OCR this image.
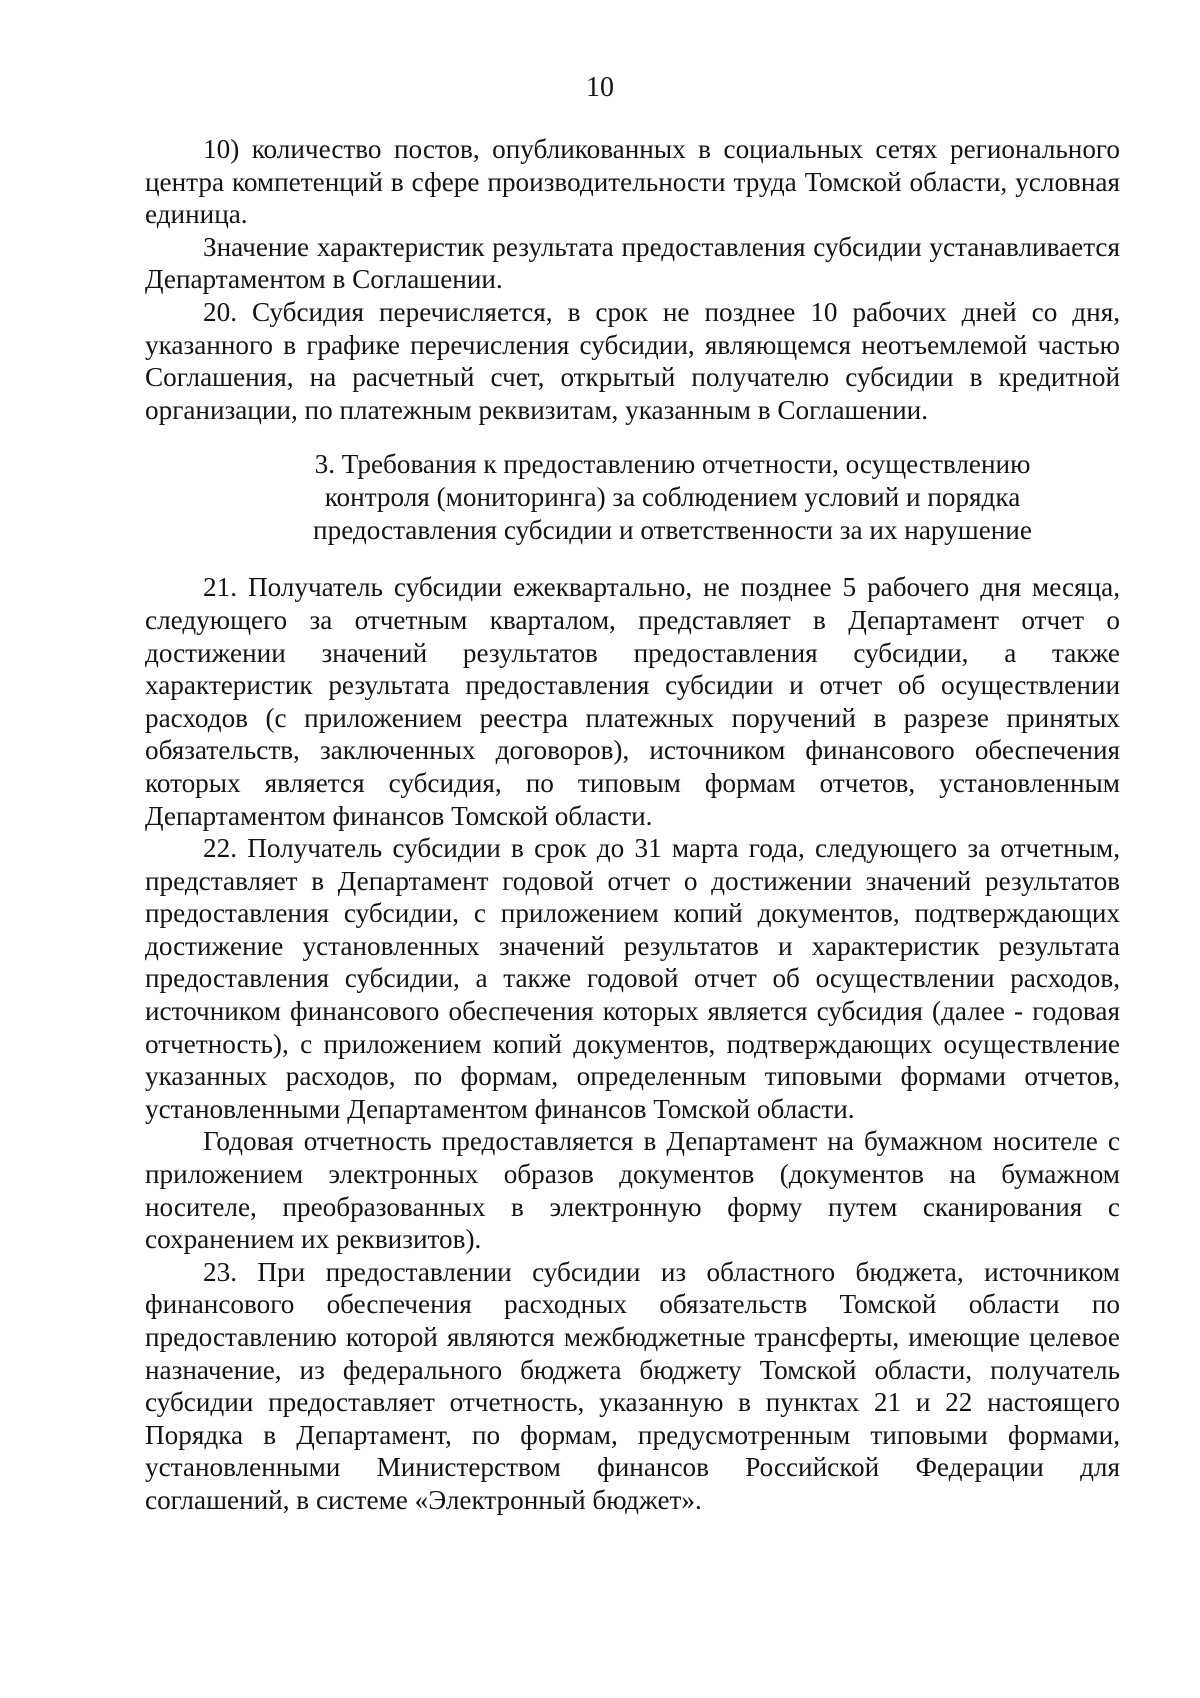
10

10) количество постов, опубликованных в социальных сетях регионального центра компетенций в сфере производительности труда Томской области, условная единица.

Значение характеристик результата предоставления субсидии устанавливается Департаментом в Соглашении.

20. Субсидия перечисляется, в срок не позднее 10 рабочих дней со дня, указанного в графике перечисления субсидии, являющемся неотъемлемой частью Соглашения, на расчетный счет, открытый получателю субсидии в кредитной организации, по платежным реквизитам, указанным в Соглашении.

3. Требования к предоставлению отчетности, осуществлению
контроля (мониторинга) за соблюдением условий и порядка
предоставления субсидии и ответственности за их нарушение

21. Получатель субсидии ежеквартально, не позднее 5 рабочего дня месяца, следующего за отчетным кварталом, представляет в Департамент отчет о достижении значений результатов предоставления субсидии, а также характеристик результата предоставления субсидии и отчет об осуществлении расходов (с приложением реестра платежных поручений в разрезе принятых обязательств, заключенных договоров), источником финансового обеспечения которых является субсидия, по типовым формам отчетов, установленным Департаментом финансов Томской области.

22. Получатель субсидии в срок до 31 марта года, следующего за отчетным, представляет в Департамент годовой отчет о достижении значений результатов предоставления субсидии, с приложением копий документов, подтверждающих достижение установленных значений результатов и характеристик результата предоставления субсидии, а также годовой отчет об осуществлении расходов, источником финансового обеспечения которых является субсидия (далее - годовая отчетность), с приложением копий документов, подтверждающих осуществление указанных расходов, по формам, определенным типовыми формами отчетов, установленными Департаментом финансов Томской области.

Годовая отчетность предоставляется в Департамент на бумажном носителе с приложением электронных образов документов (документов на бумажном носителе, преобразованных в электронную форму путем сканирования с сохранением их реквизитов).

23. При предоставлении субсидии из областного бюджета, источником финансового обеспечения расходных обязательств Томской области по предоставлению которой являются межбюджетные трансферты, имеющие целевое назначение, из федерального бюджета бюджету Томской области, получатель субсидии предоставляет отчетность, указанную в пунктах 21 и 22 настоящего Порядка в Департамент, по формам, предусмотренным типовыми формами, установленными Министерством финансов Российской Федерации для соглашений, в системе «Электронный бюджет».
